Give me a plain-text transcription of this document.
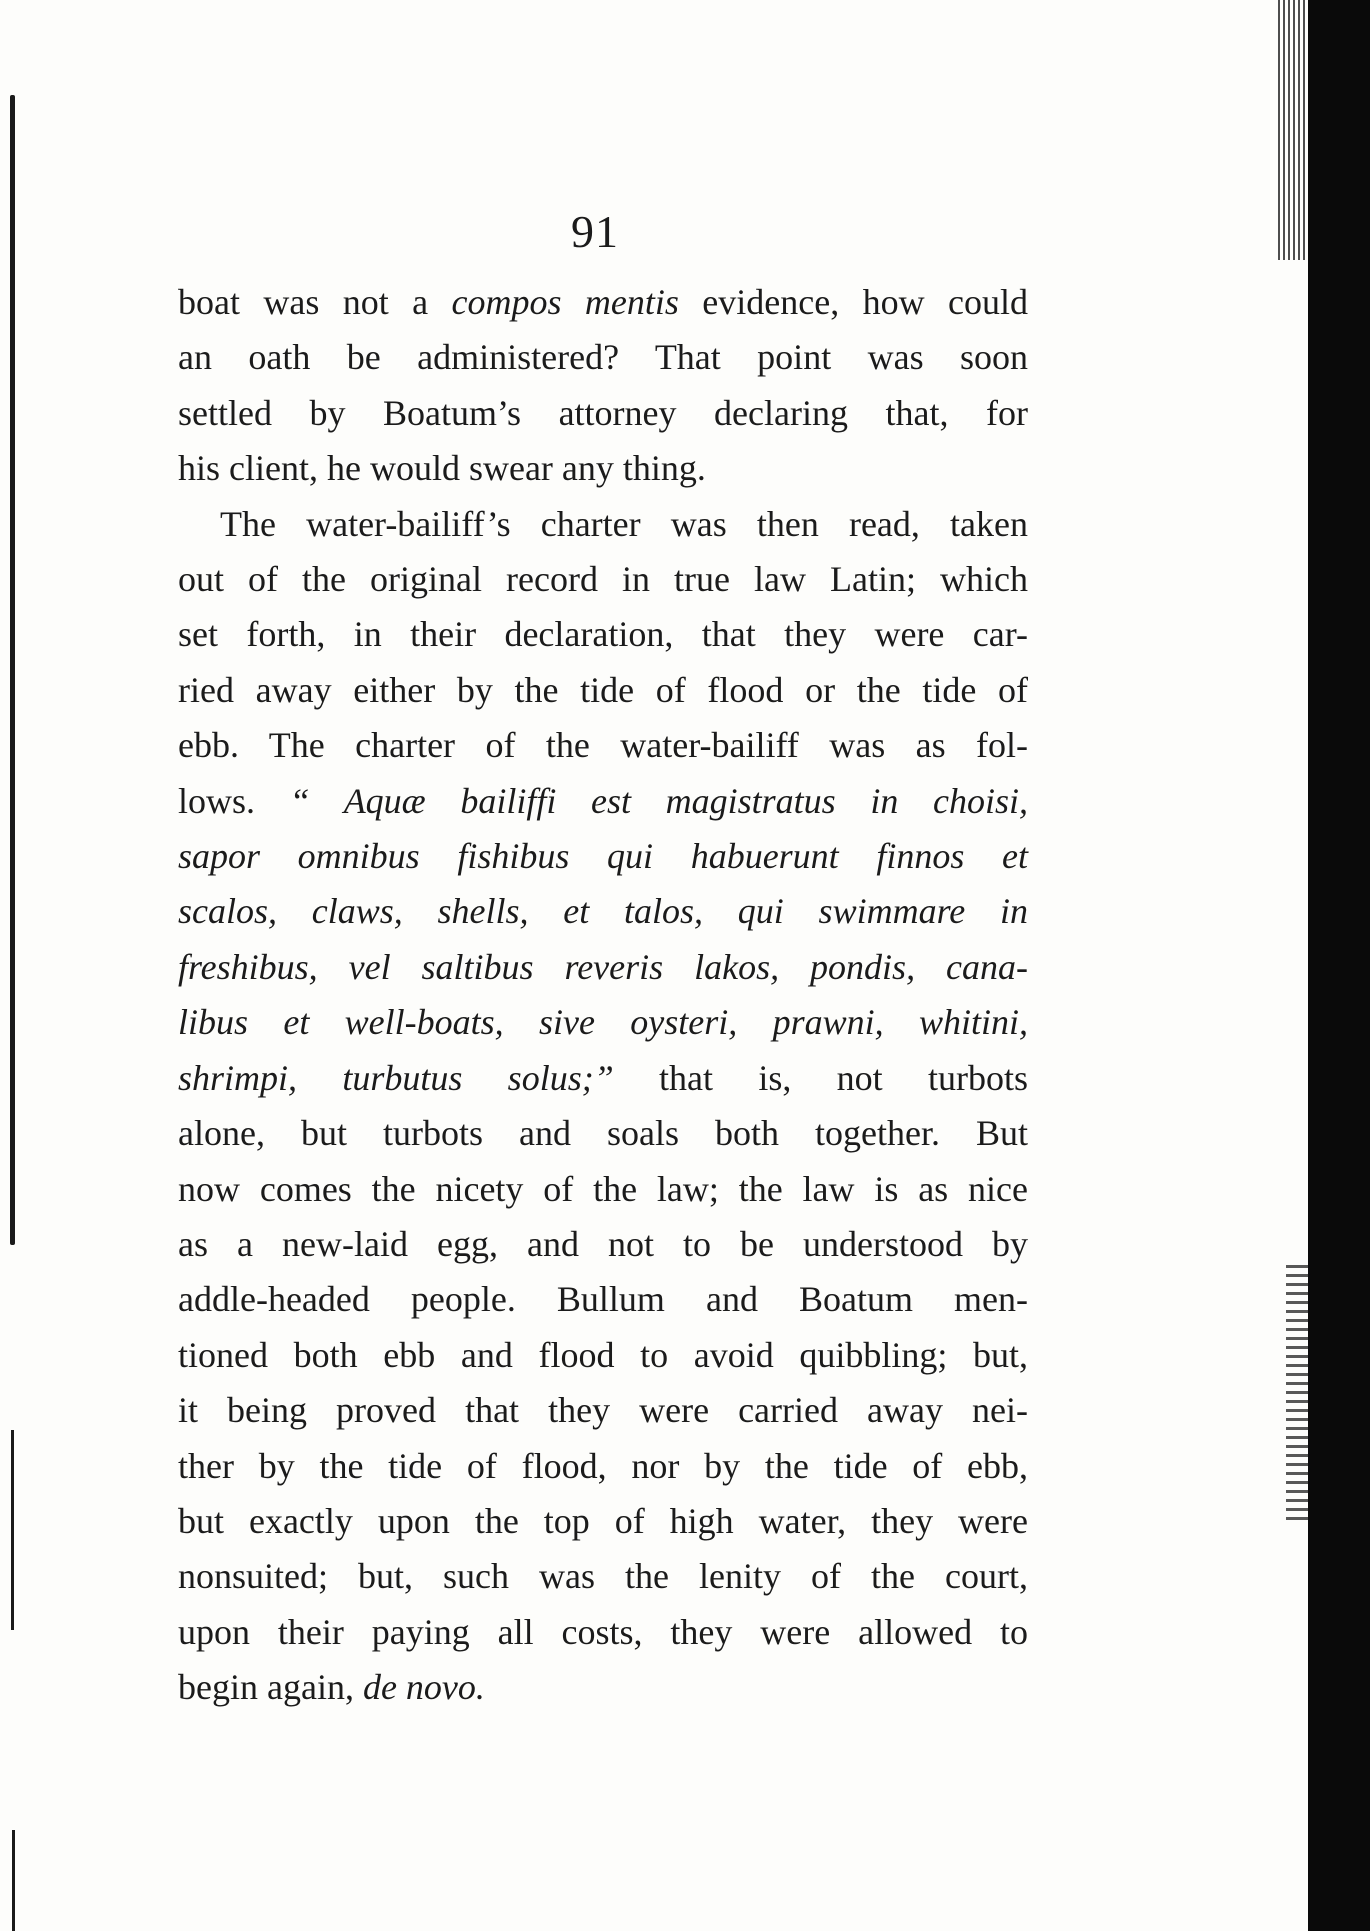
91

boat was not a compos mentis evidence, how could
an oath be administered? That point was soon
settled by Boatum’s attorney declaring that, for
his client, he would swear any thing.

The water-bailiff’s charter was then read, taken
out of the original record in true law Latin; which
set forth, in their declaration, that they were car-
ried away either by the tide of flood or the tide of
ebb. The charter of the water-bailiff was as fol-
lows. “ Aquæ bailiffi est magistratus in choisi,
sapor omnibus fishibus qui habuerunt finnos et
scalos, claws, shells, et talos, qui swimmare in
freshibus, vel saltibus reveris lakos, pondis, cana-
libus et well-boats, sive oysteri, prawni, whitini,
shrimpi, turbutus solus;” that is, not turbots
alone, but turbots and soals both together. But
now comes the nicety of the law; the law is as nice
as a new-laid egg, and not to be understood by
addle-headed people. Bullum and Boatum men-
tioned both ebb and flood to avoid quibbling; but,
it being proved that they were carried away nei-
ther by the tide of flood, nor by the tide of ebb,
but exactly upon the top of high water, they were
nonsuited; but, such was the lenity of the court,
upon their paying all costs, they were allowed to
begin again, de novo.
